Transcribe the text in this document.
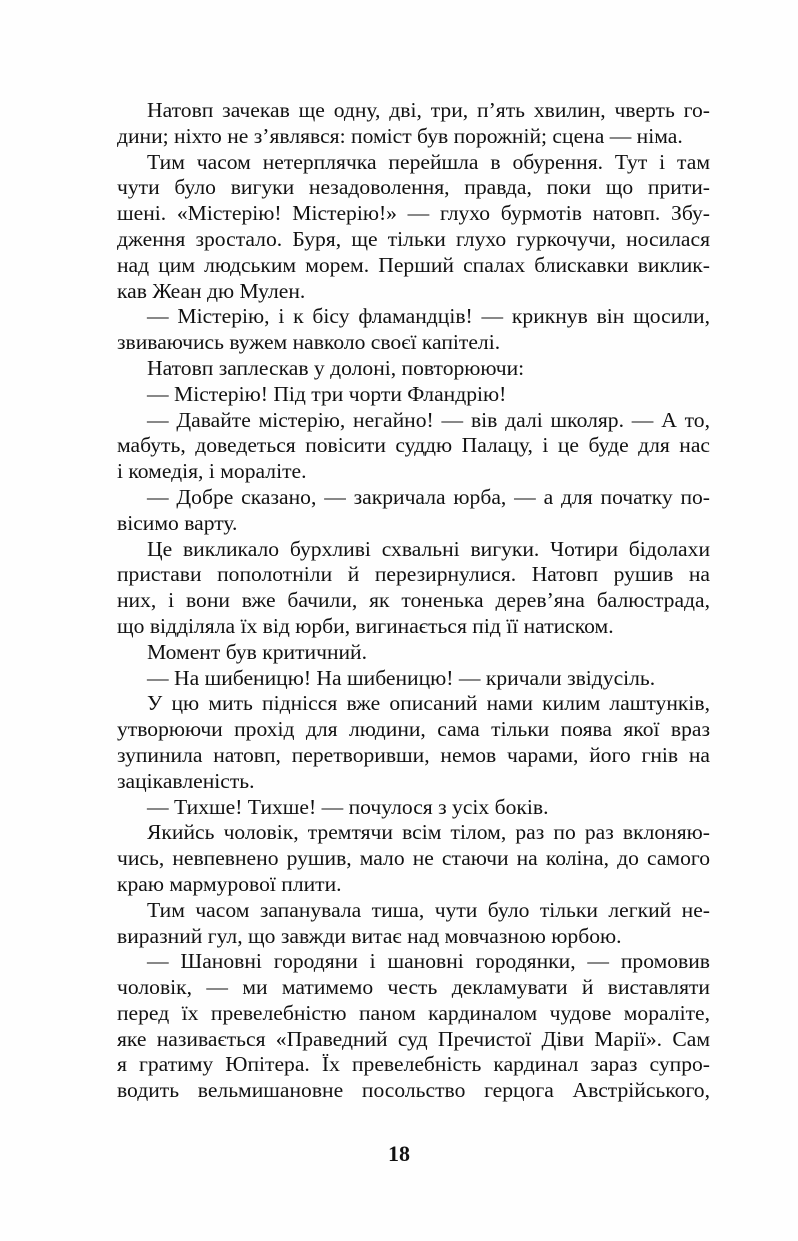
Натовп зачекав ще одну, дві, три, п’ять хвилин, чверть го-
дини; ніхто не з’являвся: поміст був порожній; сцена — німа.
Тим часом нетерплячка перейшла в обурення. Тут і там
чути було вигуки незадоволення, правда, поки що прити-
шені. «Містерію! Містерію!» — глухо бурмотів натовп. Збу-
дження зростало. Буря, ще тільки глухо гуркочучи, носилася
над цим людським морем. Перший спалах блискавки виклик-
кав Жеан дю Мулен.
— Містерію, і к бісу фламандців! — крикнув він щосили,
звиваючись вужем навколо своєї капітелі.
Натовп заплескав у долоні, повторюючи:
— Містерію! Під три чорти Фландрію!
— Давайте містерію, негайно! — вів далі школяр. — А то,
мабуть, доведеться повісити суддю Палацу, і це буде для нас
і комедія, і мораліте.
— Добре сказано, — закричала юрба, — а для початку по-
вісимо варту.
Це викликало бурхливі схвальні вигуки. Чотири бідолахи
пристави пополотніли й перезирнулися. Натовп рушив на
них, і вони вже бачили, як тоненька дерев’яна балюстрада,
що відділяла їх від юрби, вигинається під її натиском.
Момент був критичний.
— На шибеницю! На шибеницю! — кричали звідусіль.
У цю мить піднісся вже описаний нами килим лаштунків,
утворюючи прохід для людини, сама тільки поява якої враз
зупинила натовп, перетворивши, немов чарами, його гнів на
зацікавленість.
— Тихше! Тихше! — почулося з усіх боків.
Якийсь чоловік, тремтячи всім тілом, раз по раз вклоняю-
чись, невпевнено рушив, мало не стаючи на коліна, до самого
краю мармурової плити.
Тим часом запанувала тиша, чути було тільки легкий не-
виразний гул, що завжди витає над мовчазною юрбою.
— Шановні городяни і шановні городянки, — промовив
чоловік, — ми матимемо честь декламувати й виставляти
перед їх превелебністю паном кардиналом чудове мораліте,
яке називається «Праведний суд Пречистої Діви Марії». Сам
я гратиму Юпітера. Їх превелебність кардинал зараз супро-
водить вельмишановне посольство герцога Австрійського,
18
